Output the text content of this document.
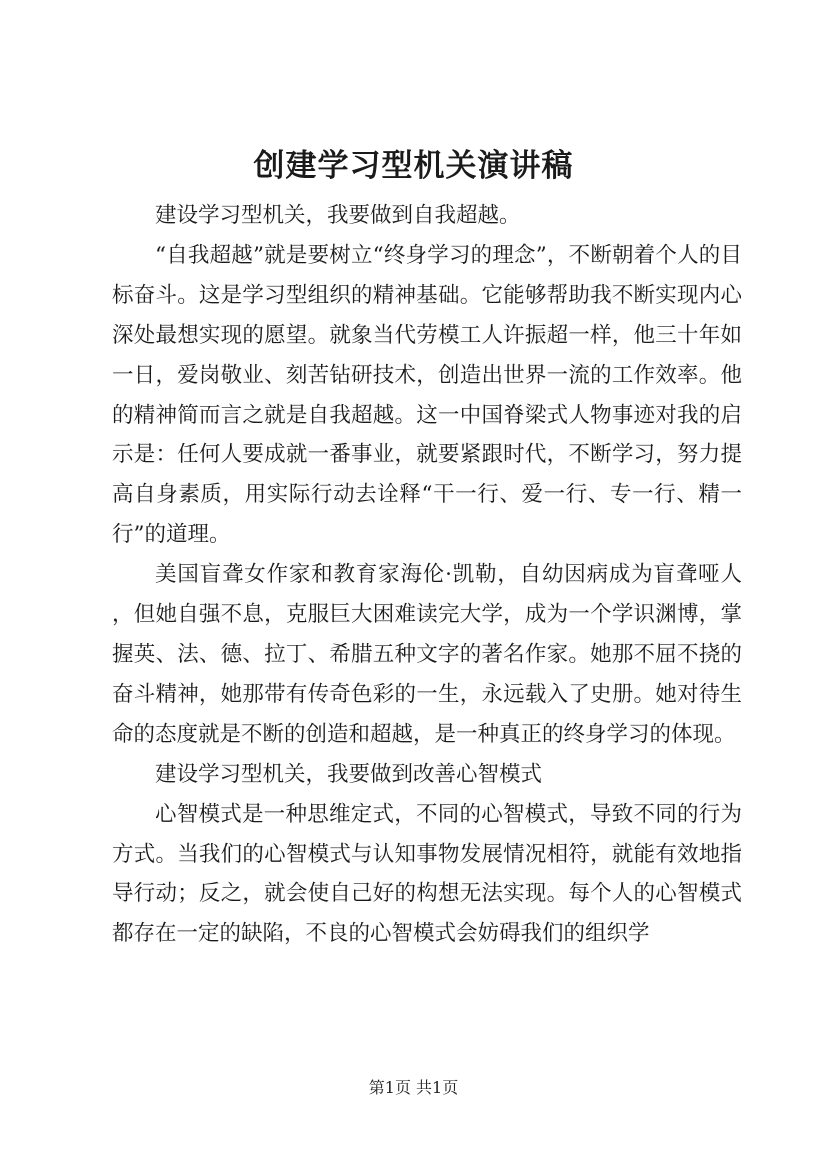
创建学习型机关演讲稿

建设学习型机关，我要做到自我超越。

“自我超越”就是要树立“终身学习的理念”，不断朝着个人的目标奋斗。这是学习型组织的精神基础。它能够帮助我不断实现内心深处最想实现的愿望。就象当代劳模工人许振超一样，他三十年如一日，爱岗敬业、刻苦钻研技术，创造出世界一流的工作效率。他的精神简而言之就是自我超越。这一中国脊梁式人物事迹对我的启示是：任何人要成就一番事业，就要紧跟时代，不断学习，努力提高自身素质，用实际行动去诠释“干一行、爱一行、专一行、精一行”的道理。

美国盲聋女作家和教育家海伦·凯勒，自幼因病成为盲聋哑人，但她自强不息，克服巨大困难读完大学，成为一个学识渊博，掌握英、法、德、拉丁、希腊五种文字的著名作家。她那不屈不挠的奋斗精神，她那带有传奇色彩的一生，永远载入了史册。她对待生命的态度就是不断的创造和超越，是一种真正的终身学习的体现。

建设学习型机关，我要做到改善心智模式

心智模式是一种思维定式，不同的心智模式，导致不同的行为方式。当我们的心智模式与认知事物发展情况相符，就能有效地指导行动；反之，就会使自己好的构想无法实现。每个人的心智模式都存在一定的缺陷，不良的心智模式会妨碍我们的组织学

第1页 共1页
